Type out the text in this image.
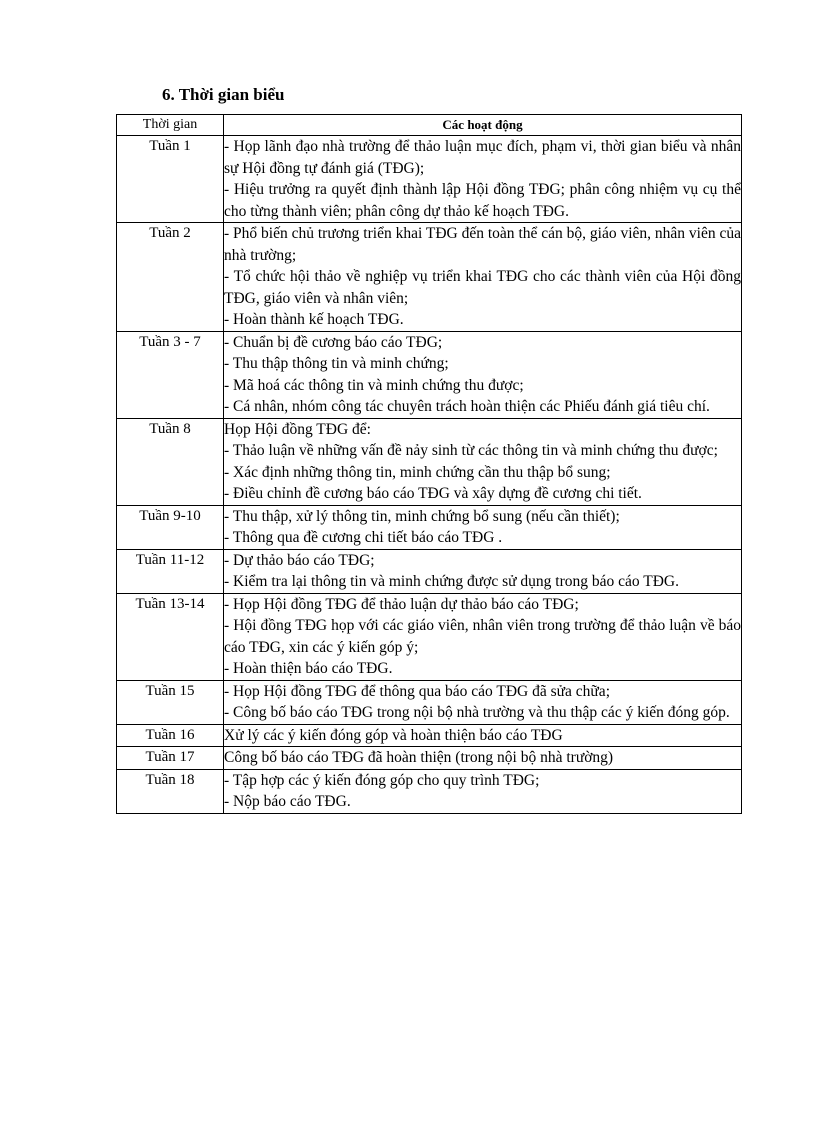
6. Thời gian biểu
Thời gian	Các hoạt động
Tuần 1	- Họp lãnh đạo nhà trường để thảo luận mục đích, phạm vi, thời gian biểu và nhân sự Hội đồng tự đánh giá (TĐG);
- Hiệu trưởng ra quyết định thành lập Hội đồng TĐG; phân công nhiệm vụ cụ thể cho từng thành viên; phân công dự thảo kế hoạch TĐG.

Tuần 2	- Phổ biến chủ trương triển khai TĐG đến toàn thể cán bộ, giáo viên, nhân viên của nhà trường;
- Tổ chức hội thảo về nghiệp vụ triển khai TĐG cho các thành viên của Hội đồng TĐG, giáo viên và nhân viên;
- Hoàn thành kế hoạch TĐG.

Tuần 3 - 7	- Chuẩn bị đề cương báo cáo TĐG;
- Thu thập thông tin và minh chứng;
- Mã hoá các thông tin và minh chứng thu được;
- Cá nhân, nhóm công tác chuyên trách hoàn thiện các Phiếu đánh giá tiêu chí.

Tuần 8	Họp Hội đồng TĐG để:
- Thảo luận về những vấn đề nảy sinh từ các thông tin và minh chứng thu được;
- Xác định những thông tin, minh chứng cần thu thập bổ sung;
- Điều chỉnh đề cương báo cáo TĐG và xây dựng đề cương chi tiết.

Tuần 9-10	- Thu thập, xử lý thông tin, minh chứng bổ sung (nếu cần thiết);
- Thông qua đề cương chi tiết báo cáo TĐG .

Tuần 11-12	- Dự thảo báo cáo TĐG;
- Kiểm tra lại thông tin và minh chứng được sử dụng trong báo cáo TĐG.

Tuần 13-14	- Họp Hội đồng TĐG để thảo luận dự thảo báo cáo TĐG;
- Hội đồng TĐG họp với các giáo viên, nhân viên trong trường để thảo luận về báo cáo TĐG, xin các ý kiến góp ý;
- Hoàn thiện báo cáo TĐG.

Tuần 15	- Họp Hội đồng TĐG để thông qua báo cáo TĐG đã sửa chữa;
- Công bố báo cáo TĐG trong nội bộ nhà trường và thu thập các ý kiến đóng góp.

Tuần 16	Xử lý các ý kiến đóng góp và hoàn thiện báo cáo TĐG

Tuần 17	Công bố báo cáo TĐG đã hoàn thiện (trong nội bộ nhà trường)

Tuần 18	- Tập hợp các ý kiến đóng góp cho quy trình TĐG;
- Nộp báo cáo TĐG.
